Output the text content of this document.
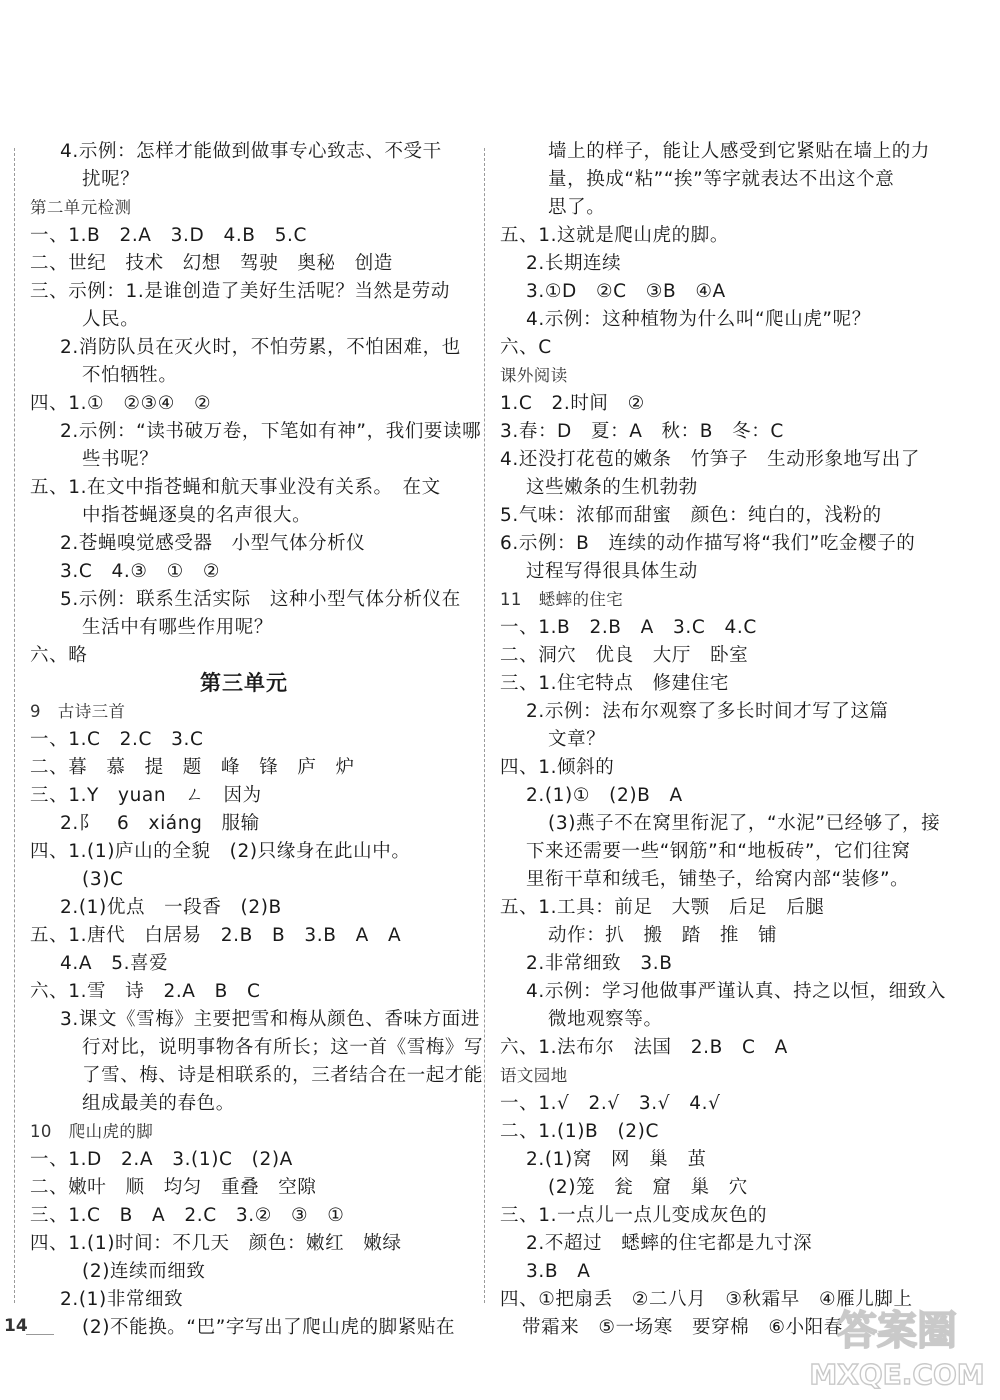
4.示例：怎样才能做到做事专心致志、不受干
扰呢？
第二单元检测
一、1.B　2.A　3.D　4.B　5.C
二、世纪　技术　幻想　驾驶　奥秘　创造
三、示例：1.是谁创造了美好生活呢？当然是劳动
人民。
2.消防队员在灭火时，不怕劳累，不怕困难，也
不怕牺牲。
四、1.①　②③④　②
2.示例：“读书破万卷，下笔如有神”，我们要读哪
些书呢？
五、1.在文中指苍蝇和航天事业没有关系。　在文
中指苍蝇逐臭的名声很大。
2.苍蝇嗅觉感受器　小型气体分析仪
3.C　4.③　①　②
5.示例：联系生活实际　这种小型气体分析仪在
生活中有哪些作用呢？
六、略
第三单元
9　古诗三首
一、1.C　2.C　3.C
二、暮　慕　提　题　峰　锋　庐　炉
三、1.Y　yuan　ㄥ　因为
2.阝　6　xiáng　服输
四、1.(1)庐山的全貌　(2)只缘身在此山中。
(3)C
2.(1)优点　一段香　(2)B
五、1.唐代　白居易　2.B　B　3.B　A　A
4.A　5.喜爱
六、1.雪　诗　2.A　B　C
3.课文《雪梅》主要把雪和梅从颜色、香味方面进
行对比，说明事物各有所长；这一首《雪梅》写
了雪、梅、诗是相联系的，三者结合在一起才能
组成最美的春色。
10　爬山虎的脚
一、1.D　2.A　3.(1)C　(2)A
二、嫩叶　顺　均匀　重叠　空隙
三、1.C　B　A　2.C　3.②　③　①
四、1.(1)时间：不几天　颜色：嫩红　嫩绿
(2)连续而细致
2.(1)非常细致
(2)不能换。“巴”字写出了爬山虎的脚紧贴在
墙上的样子，能让人感受到它紧贴在墙上的力
量，换成“粘”“挨”等字就表达不出这个意
思了。
五、1.这就是爬山虎的脚。
2.长期连续
3.①D　②C　③B　④A
4.示例：这种植物为什么叫“爬山虎”呢？
六、C
课外阅读
1.C　2.时间　②
3.春：D　夏：A　秋：B　冬：C
4.还没打花苞的嫩条　竹笋子　生动形象地写出了
这些嫩条的生机勃勃
5.气味：浓郁而甜蜜　颜色：纯白的，浅粉的
6.示例：B　连续的动作描写将“我们”吃金樱子的
过程写得很具体生动
11　蟋蟀的住宅
一、1.B　2.B　A　3.C　4.C
二、洞穴　优良　大厅　卧室
三、1.住宅特点　修建住宅
2.示例：法布尔观察了多长时间才写了这篇
文章？
四、1.倾斜的
2.(1)①　(2)B　A
(3)燕子不在窝里衔泥了，“水泥”已经够了，接
下来还需要一些“钢筋”和“地板砖”，它们往窝
里衔干草和绒毛，铺垫子，给窝内部“装修”。
五、1.工具：前足　大颚　后足　后腿
动作：扒　搬　踏　推　铺
2.非常细致　3.B
4.示例：学习他做事严谨认真、持之以恒，细致入
微地观察等。
六、1.法布尔　法国　2.B　C　A
语文园地
一、1.√　2.√　3.√　4.√
二、1.(1)B　(2)C
2.(1)窝　网　巢　茧
(2)笼　瓮　窟　巢　穴
三、1.一点儿一点儿变成灰色的
2.不超过　蟋蟀的住宅都是九寸深
3.B　A
四、①把扇丢　②二八月　③秋霜早　④雁儿脚上
带霜来　⑤一场寒　要穿棉　⑥小阳春
14	答案圈
MXQE.COM
